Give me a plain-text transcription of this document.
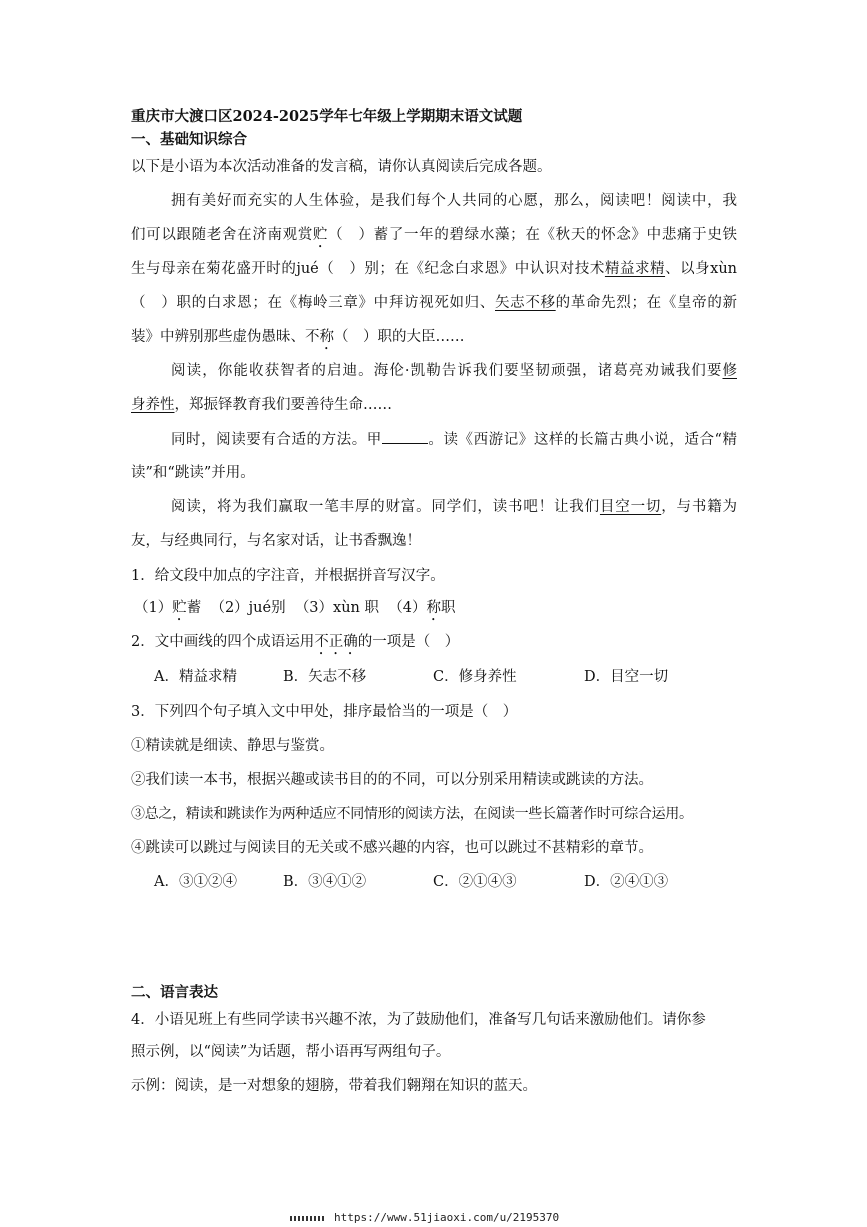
重庆市大渡口区2024-2025学年七年级上学期期末语文试题
一、基础知识综合
以下是小语为本次活动准备的发言稿，请你认真阅读后完成各题。
拥有美好而充实的人生体验，是我们每个人共同的心愿，那么，阅读吧！阅读中，我
们可以跟随老舍在济南观赏贮（　）蓄了一年的碧绿水藻；在《秋天的怀念》中悲痛于史铁
生与母亲在菊花盛开时的jué（　）别；在《纪念白求恩》中认识对技术精益求精、以身xùn
（　）职的白求恩；在《梅岭三章》中拜访视死如归、矢志不移的革命先烈；在《皇帝的新
装》中辨别那些虚伪愚昧、不称（　）职的大臣……
阅读，你能收获智者的启迪。海伦·凯勒告诉我们要坚韧顽强，诸葛亮劝诫我们要修
身养性，郑振铎教育我们要善待生命……
同时，阅读要有合适的方法。甲	。读《西游记》这样的长篇古典小说，适合“精
读”和“跳读”并用。
阅读，将为我们赢取一笔丰厚的财富。同学们，读书吧！让我们目空一切，与书籍为
友，与经典同行，与名家对话，让书香飘逸！
1．给文段中加点的字注音，并根据拼音写汉字。
（1）贮蓄 （2）jué别 （3）xùn 职 （4）称职
2．文中画线的四个成语运用不正确的一项是（　）
A．精益求精	B．矢志不移	C．修身养性	D．目空一切
3．下列四个句子填入文中甲处，排序最恰当的一项是（　）
①精读就是细读、静思与鉴赏。
②我们读一本书，根据兴趣或读书目的的不同，可以分别采用精读或跳读的方法。
③总之，精读和跳读作为两种适应不同情形的阅读方法，在阅读一些长篇著作时可综合运用。
④跳读可以跳过与阅读目的无关或不感兴趣的内容，也可以跳过不甚精彩的章节。
A．③①②④	B．③④①②	C．②①④③	D．②④①③
二、语言表达
4．小语见班上有些同学读书兴趣不浓，为了鼓励他们，准备写几句话来激励他们。请你参
照示例，以“阅读”为话题，帮小语再写两组句子。
示例：阅读，是一对想象的翅膀，带着我们翱翔在知识的蓝天。
https://www.51jiaoxi.com/u/2195370
